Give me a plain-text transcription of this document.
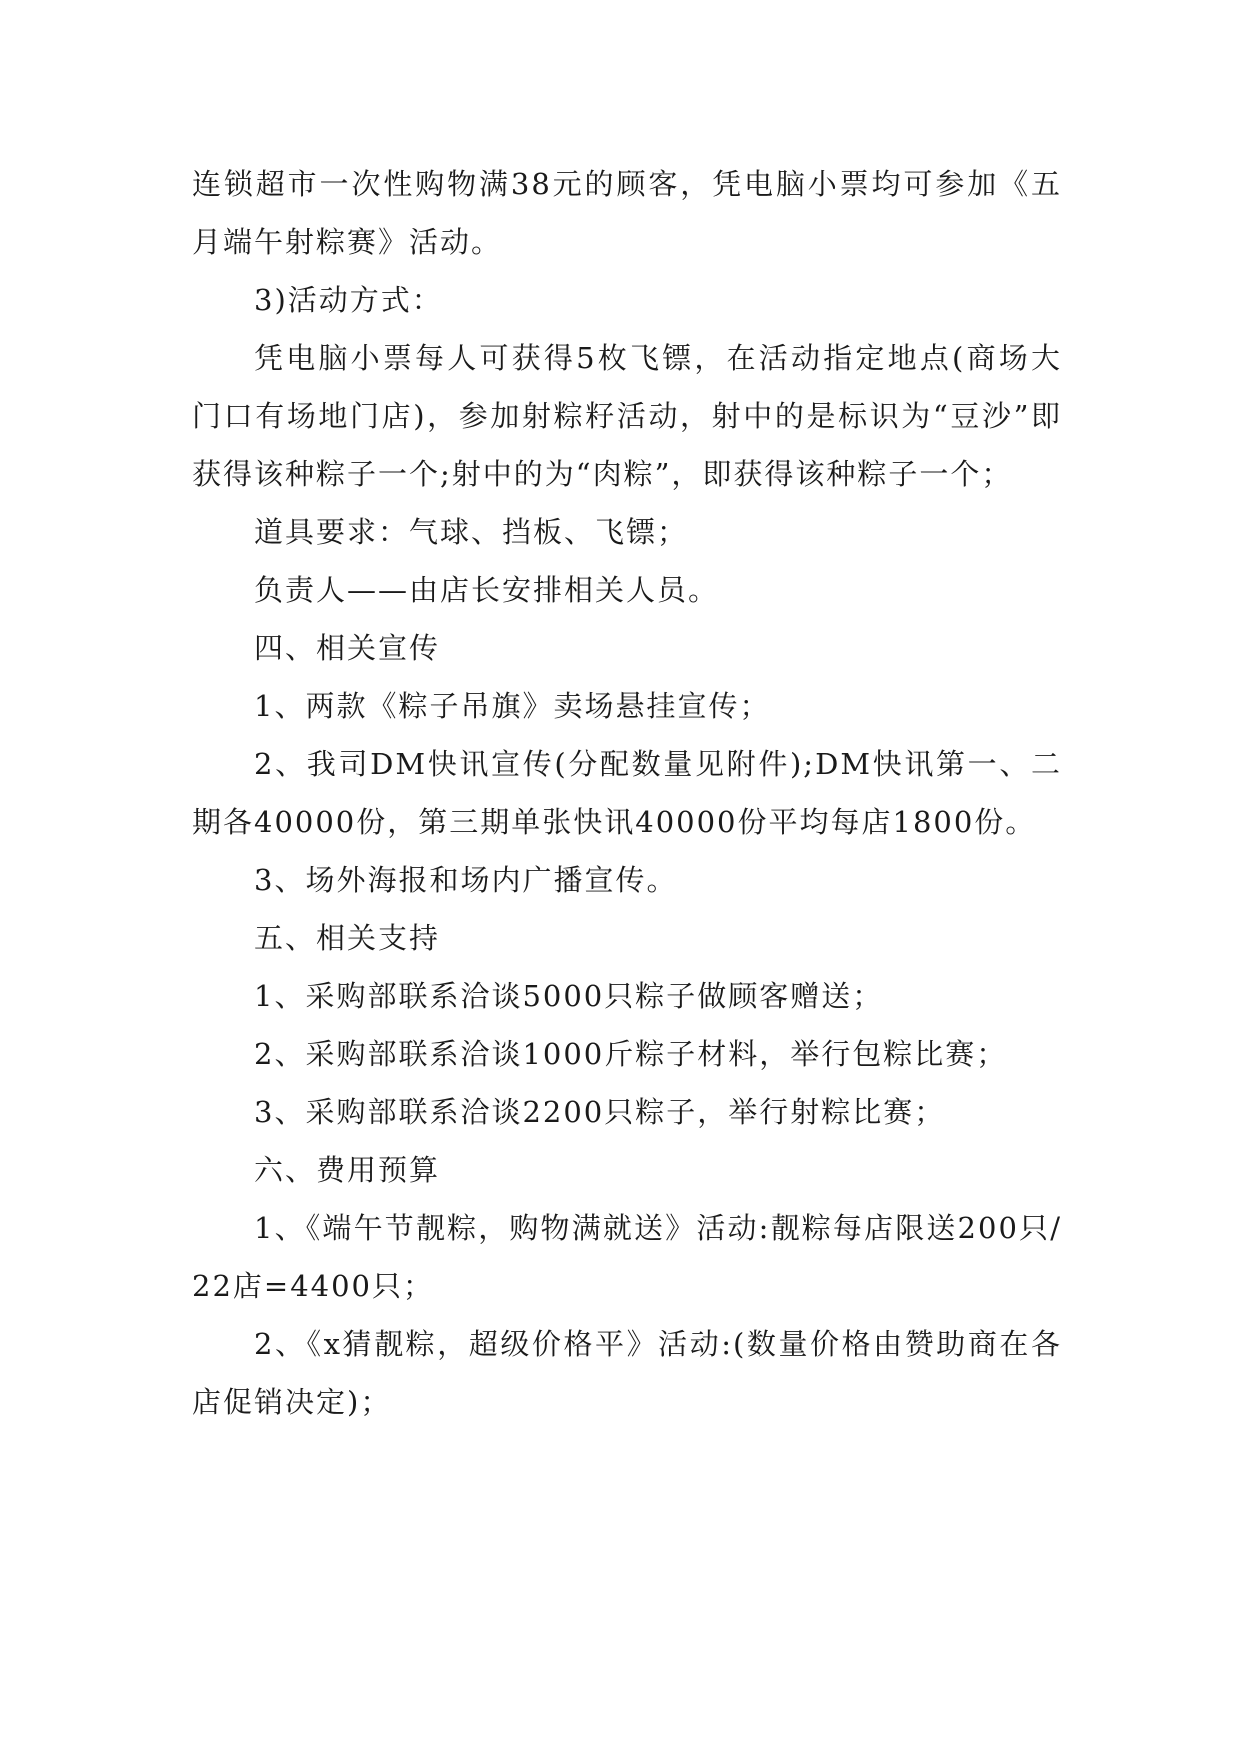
连锁超市一次性购物满38元的顾客，凭电脑小票均可参加《五月端午射粽赛》活动。

3)活动方式：

凭电脑小票每人可获得5枚飞镖，在活动指定地点(商场大门口有场地门店)，参加射粽籽活动，射中的是标识为“豆沙”即获得该种粽子一个;射中的为“肉粽”，即获得该种粽子一个；

道具要求：气球、挡板、飞镖；

负责人——由店长安排相关人员。

四、相关宣传

1、两款《粽子吊旗》卖场悬挂宣传；

2、我司DM快讯宣传(分配数量见附件);DM快讯第一、二期各40000份，第三期单张快讯40000份平均每店1800份。

3、场外海报和场内广播宣传。

五、相关支持

1、采购部联系洽谈5000只粽子做顾客赠送；

2、采购部联系洽谈1000斤粽子材料，举行包粽比赛；

3、采购部联系洽谈2200只粽子，举行射粽比赛；

六、费用预算

1、《端午节靓粽，购物满就送》活动:靓粽每店限送200只/22店=4400只；

2、《x猜靓粽，超级价格平》活动:(数量价格由赞助商在各店促销决定)；
